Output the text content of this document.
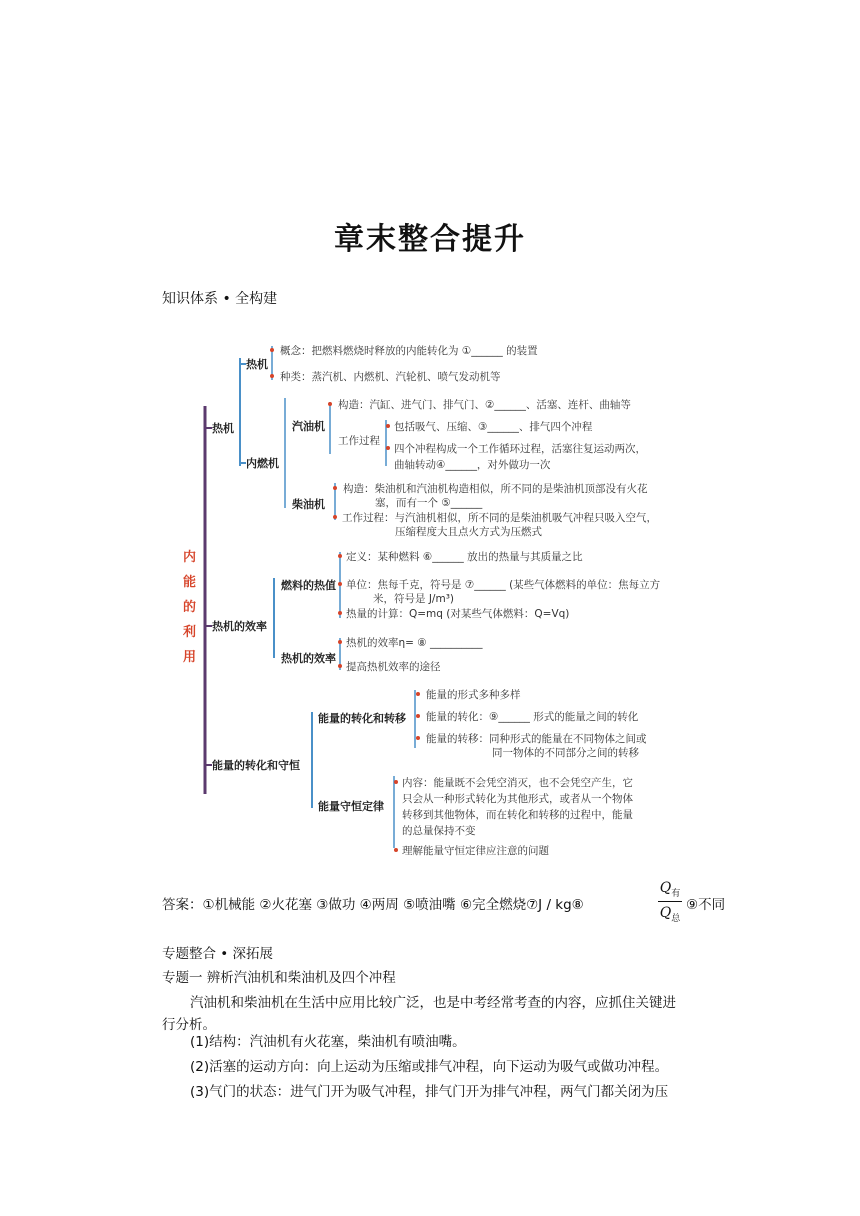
章末整合提升
知识体系 • 全构建
内
能
的
利
用
热机
热机的效率
能量的转化和守恒
热机
概念：把燃料燃烧时释放的内能转化为 ①______ 的装置
种类：蒸汽机、内燃机、汽轮机、喷气发动机等
内燃机
汽油机
构造：汽缸、进气门、排气门、②______、活塞、连杆、曲轴等
工作过程
包括吸气、压缩、③______、排气四个冲程
四个冲程构成一个工作循环过程，活塞往复运动两次，
曲轴转动④______，对外做功一次
柴油机
构造：柴油机和汽油机构造相似，所不同的是柴油机顶部没有火花
塞，而有一个 ⑤______
工作过程：与汽油机相似，所不同的是柴油机吸气冲程只吸入空气，
压缩程度大且点火方式为压燃式
燃料的热值
定义：某种燃料 ⑥______ 放出的热量与其质量之比
单位：焦每千克，符号是 ⑦______ (某些气体燃料的单位：焦每立方
米，符号是 J/m³)
热量的计算：Q=mq (对某些气体燃料：Q=Vq)
热机的效率
热机的效率η= ⑧ __________
提高热机效率的途径
能量的转化和转移
能量的形式多种多样
能量的转化：⑨______ 形式的能量之间的转化
能量的转移：同种形式的能量在不同物体之间或
同一物体的不同部分之间的转移
能量守恒定律
内容：能量既不会凭空消灭，也不会凭空产生，它
只会从一种形式转化为其他形式，或者从一个物体
转移到其他物体，而在转化和转移的过程中，能量
的总量保持不变
理解能量守恒定律应注意的问题
答案：①机械能 ②火花塞 ③做功 ④两周 ⑤喷油嘴 ⑥完全燃烧⑦J / kg⑧
$Q_有$
$Q_总$
⑨不同
专题整合 • 深拓展
专题一 辨析汽油机和柴油机及四个冲程
汽油机和柴油机在生活中应用比较广泛，也是中考经常考查的内容，应抓住关键进
行分析。
(1)结构：汽油机有火花塞，柴油机有喷油嘴。
(2)活塞的运动方向：向上运动为压缩或排气冲程，向下运动为吸气或做功冲程。
(3)气门的状态：进气门开为吸气冲程，排气门开为排气冲程，两气门都关闭为压
